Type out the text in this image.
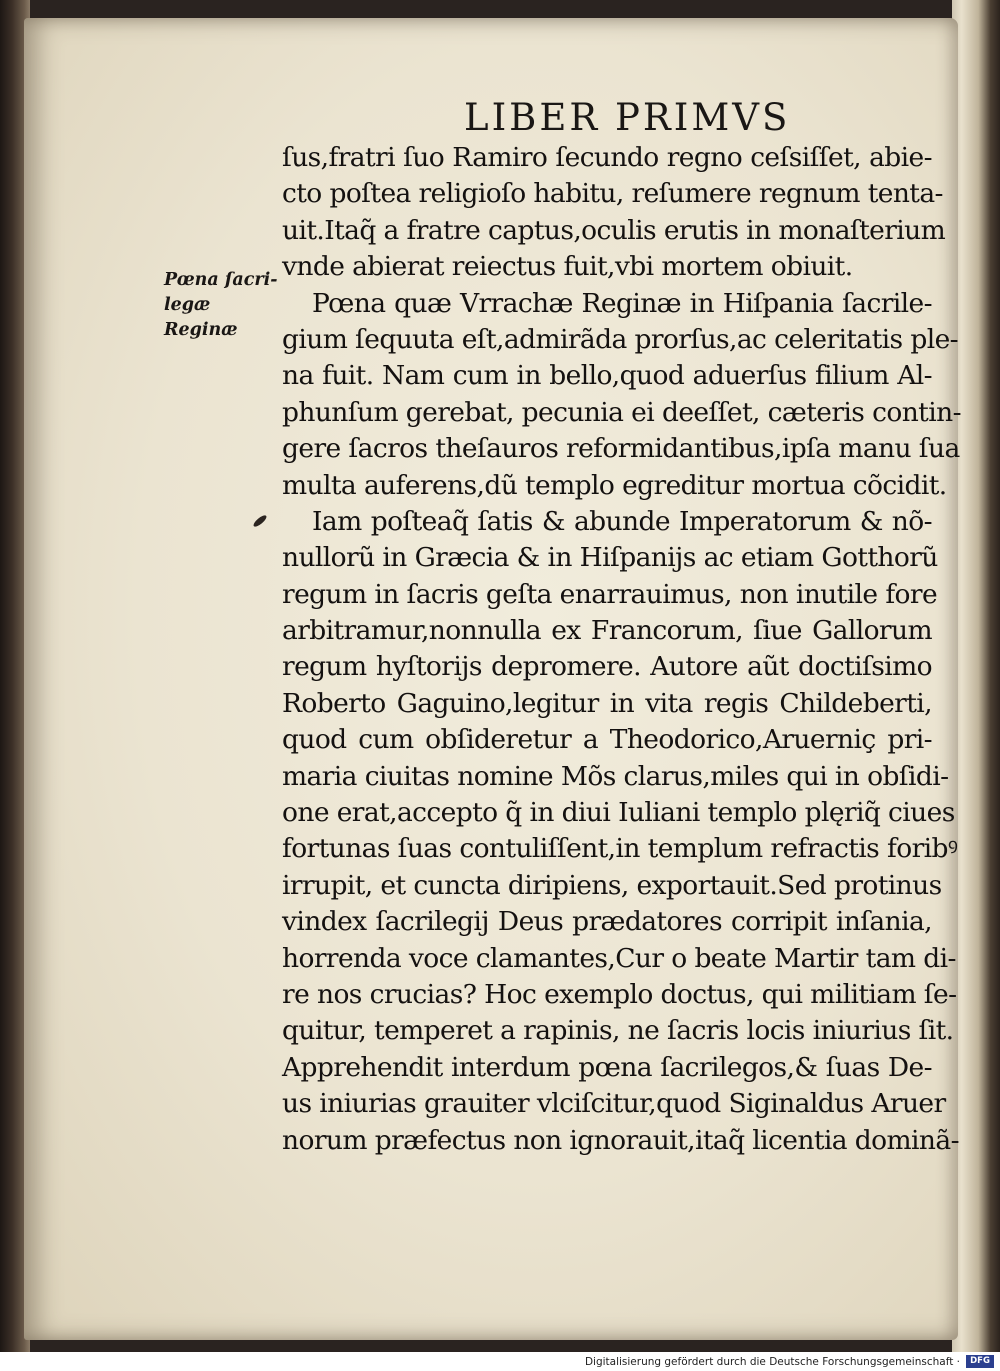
LIBER PRIMVS
Pœna ſacri-
legæ Reginæ
ſus,fratri ſuo Ramiro ſecundo regno ceſsiſſet, abie-
cto poſtea religioſo habitu, reſumere regnum tenta-
uit.Itaq̃ a fratre captus,oculis erutis in monaſterium
vnde abierat reiectus fuit,vbi mortem obiuit.
Pœna quæ Vrrachæ Reginæ in Hiſpania ſacrile-
gium ſequuta eſt,admirãda prorſus,ac celeritatis ple-
na fuit. Nam cum in bello,quod aduerſus filium Al-
phunſum gerebat, pecunia ei deeſſet, cæteris contin-
gere ſacros theſauros reformidantibus,ipſa manu ſua
multa auferens,dũ templo egreditur mortua cõcidit.
Iam poſteaq̃ ſatis & abunde Imperatorum & nõ-
nullorũ in Græcia & in Hiſpanijs ac etiam Gotthorũ
regum in ſacris geſta enarrauimus, non inutile fore
arbitramur,nonnulla ex Francorum, ſiue Gallorum
regum hyſtorijs depromere. Autore aũt doctiſsimo
Roberto Gaguino,legitur in vita regis Childeberti,
quod cum obſideretur a Theodorico,Aruerniç pri-
maria ciuitas nomine Mõs clarus,miles qui in obſidi-
one erat,accepto q̃ in diui Iuliani templo plęriq̃ ciues
fortunas ſuas contuliſſent,in templum refractis foribꝰ
irrupit, et cuncta diripiens, exportauit.Sed protinus
vindex ſacrilegij Deus prædatores corripit inſania,
horrenda voce clamantes,Cur o beate Martir tam di-
re nos crucias? Hoc exemplo doctus, qui militiam ſe-
quitur, temperet a rapinis, ne ſacris locis iniurius ſit.
Apprehendit interdum pœna ſacrilegos,& ſuas De-
us iniurias grauiter vlciſcitur,quod Siginaldus Aruer
norum præfectus non ignorauit,itaq̃ licentia dominã-
Digitalisierung gefördert durch die Deutsche Forschungsgemeinschaft ·	DFG
